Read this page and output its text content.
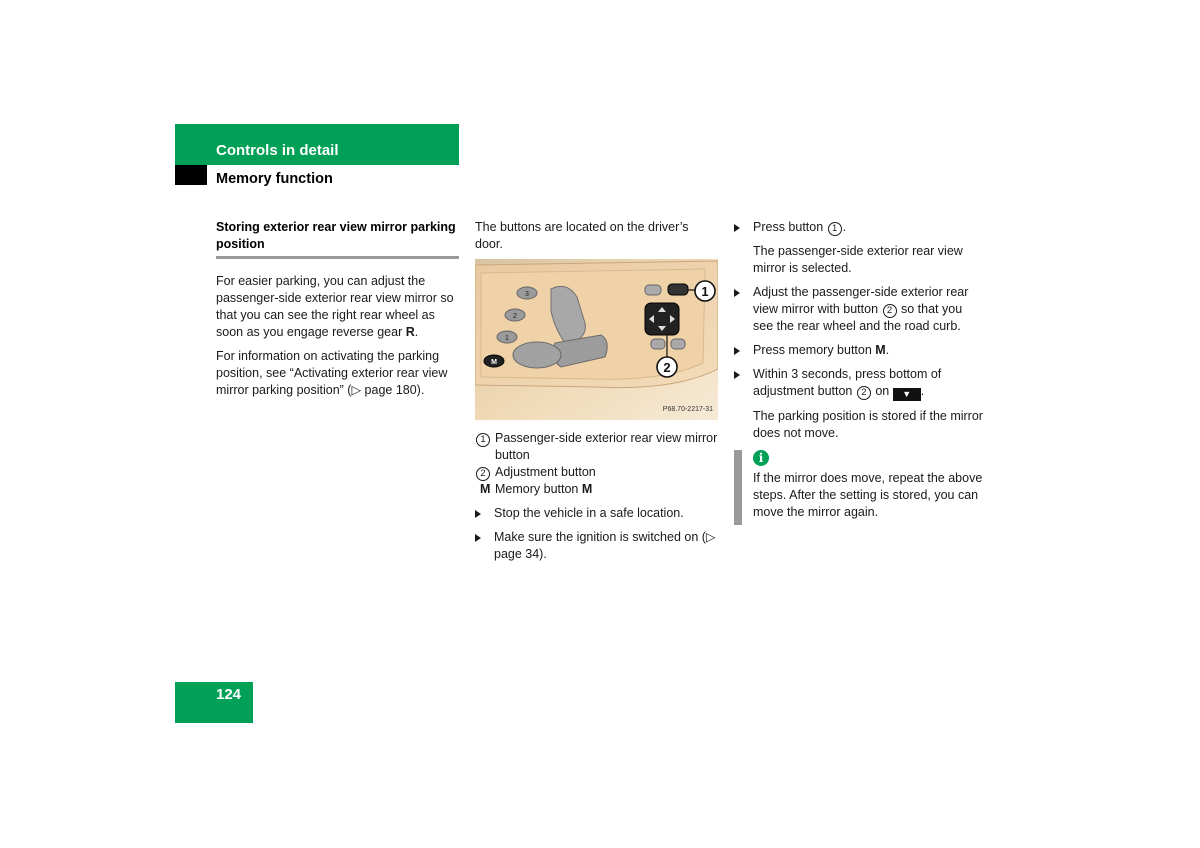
Controls in detail
Memory function
Storing exterior rear view mirror parking position

For easier parking, you can adjust the passenger-side exterior rear view mirror so that you can see the right rear wheel as soon as you engage reverse gear R.

For information on activating the parking position, see “Activating exterior rear view mirror parking position” (▷ page 180).

The buttons are located on the driver’s door.

3
2
1
M
1
2
P68.70-2217-31
1 Passenger-side exterior rear view mirror button
2 Adjustment button
M Memory button M
Stop the vehicle in a safe location.
Make sure the ignition is switched on (▷ page 34).
Press button 1 .

The passenger-side exterior rear view mirror is selected.

Adjust the passenger-side exterior rear view mirror with button 2 so that you see the rear wheel and the road curb.
Press memory button M.
Within 3 seconds, press bottom of adjustment button 2 on ▼ .

The parking position is stored if the mirror does not move.

i
If the mirror does move, repeat the above steps. After the setting is stored, you can move the mirror again.
124
